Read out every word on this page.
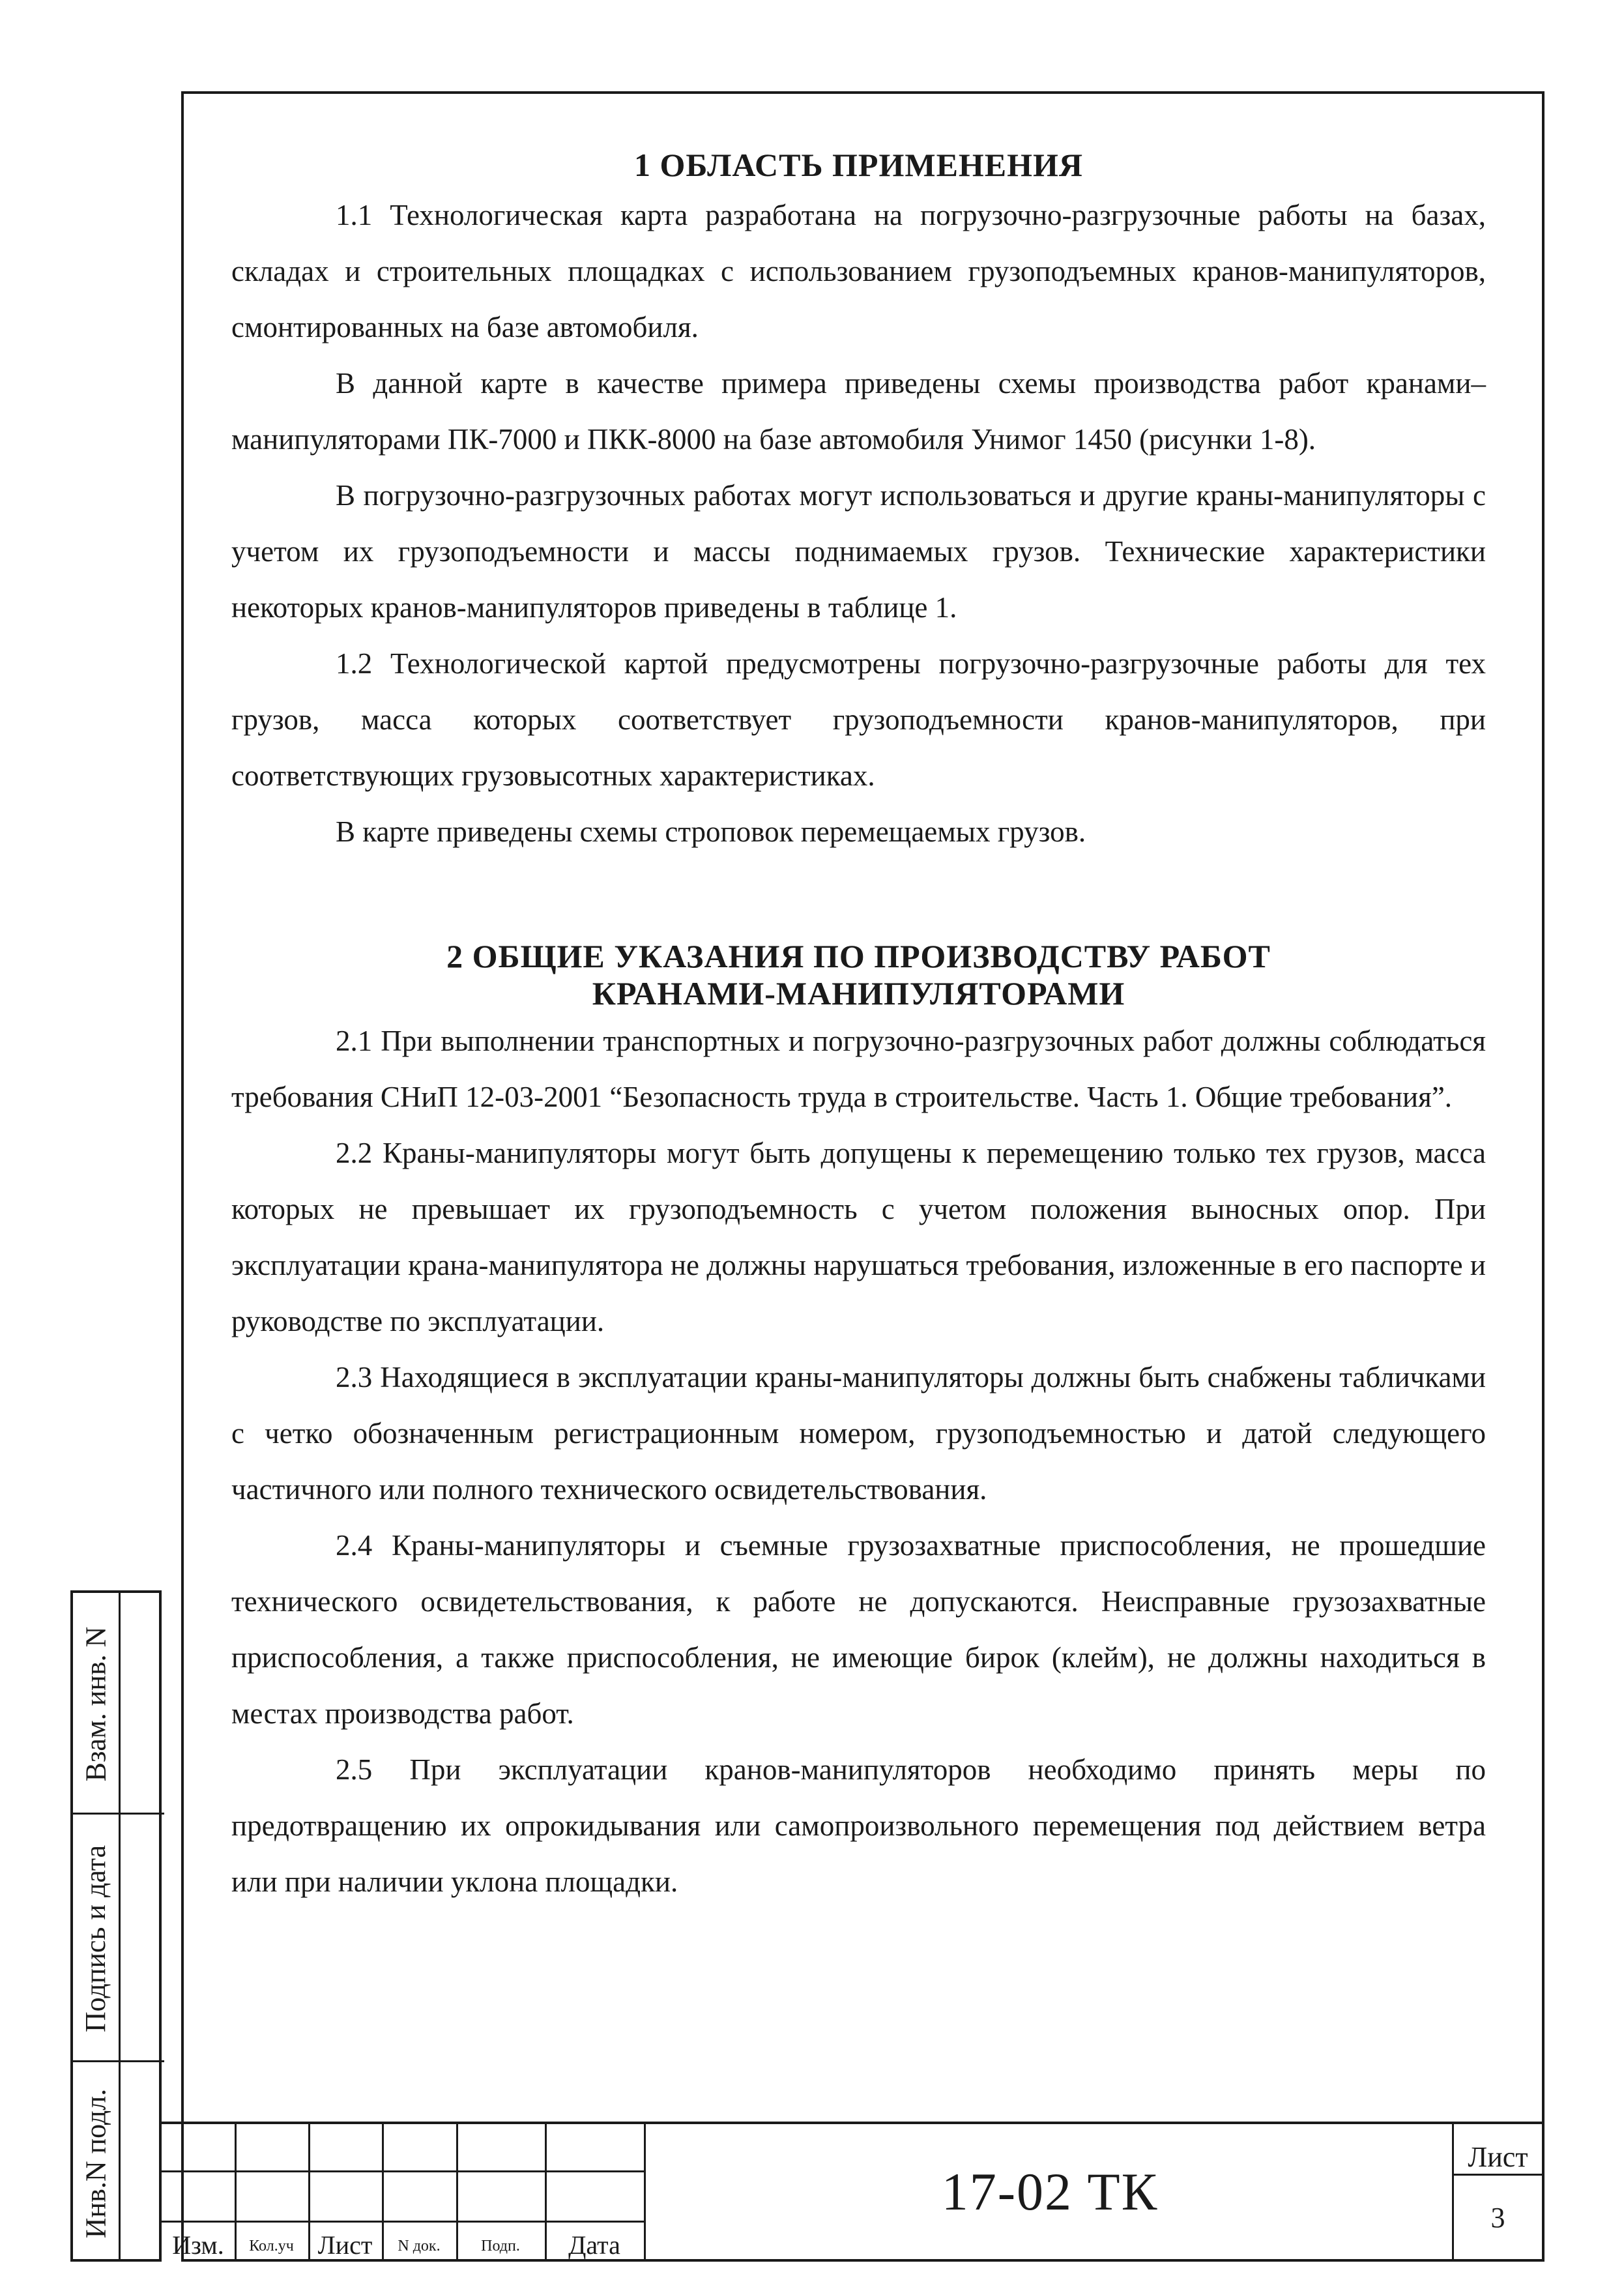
1 ОБЛАСТЬ ПРИМЕНЕНИЯ

1.1 Технологическая карта разработана на погрузочно-разгрузочные работы на базах, складах и строительных площадках с использованием грузоподъемных кранов-манипуляторов, смонтированных на базе автомобиля.

В данной карте в качестве примера приведены схемы производства работ кранами–манипуляторами ПК-7000 и ПКК-8000 на базе автомобиля Унимог 1450 (рисунки 1-8).

В погрузочно-разгрузочных работах могут использоваться и другие краны-манипуляторы с учетом их грузоподъемности и массы поднимаемых грузов. Технические характеристики некоторых кранов-манипуляторов приведены в таблице 1.

1.2 Технологической картой предусмотрены погрузочно-разгрузочные работы для тех грузов, масса которых соответствует грузоподъемности кранов-манипуляторов, при соответствующих грузовысотных характеристиках.

В карте приведены схемы строповок перемещаемых грузов.

2 ОБЩИЕ УКАЗАНИЯ ПО ПРОИЗВОДСТВУ РАБОТ
КРАНАМИ-МАНИПУЛЯТОРАМИ

2.1 При выполнении транспортных и погрузочно-разгрузочных работ должны соблюдаться требования СНиП 12-03-2001 “Безопасность труда в строительстве. Часть 1. Общие требования”.

2.2 Краны-манипуляторы могут быть допущены к перемещению только тех грузов, масса которых не превышает их грузоподъемность с учетом положения выносных опор. При эксплуатации крана-манипулятора не должны нарушаться требования, изложенные в его паспорте и руководстве по эксплуатации.

2.3 Находящиеся в эксплуатации краны-манипуляторы должны быть снабжены табличками с четко обозначенным регистрационным номером, грузоподъемностью и датой следующего частичного или полного технического освидетельствования.

2.4 Краны-манипуляторы и съемные грузозахватные приспособления, не прошедшие технического освидетельствования, к работе не допускаются. Неисправные грузозахватные приспособления, а также приспособления, не имеющие бирок (клейм), не должны находиться в местах производства работ.

2.5 При эксплуатации кранов-манипуляторов необходимо принять меры по предотвращению их опрокидывания или самопроизвольного перемещения под действием ветра или при наличии уклона площадки.

Взам. инв. N
Подпись и дата
Инв.N подл.
Изм.	Кол.уч Лист	N док.	Подп.	Дата
17-02 ТК
Лист
3
